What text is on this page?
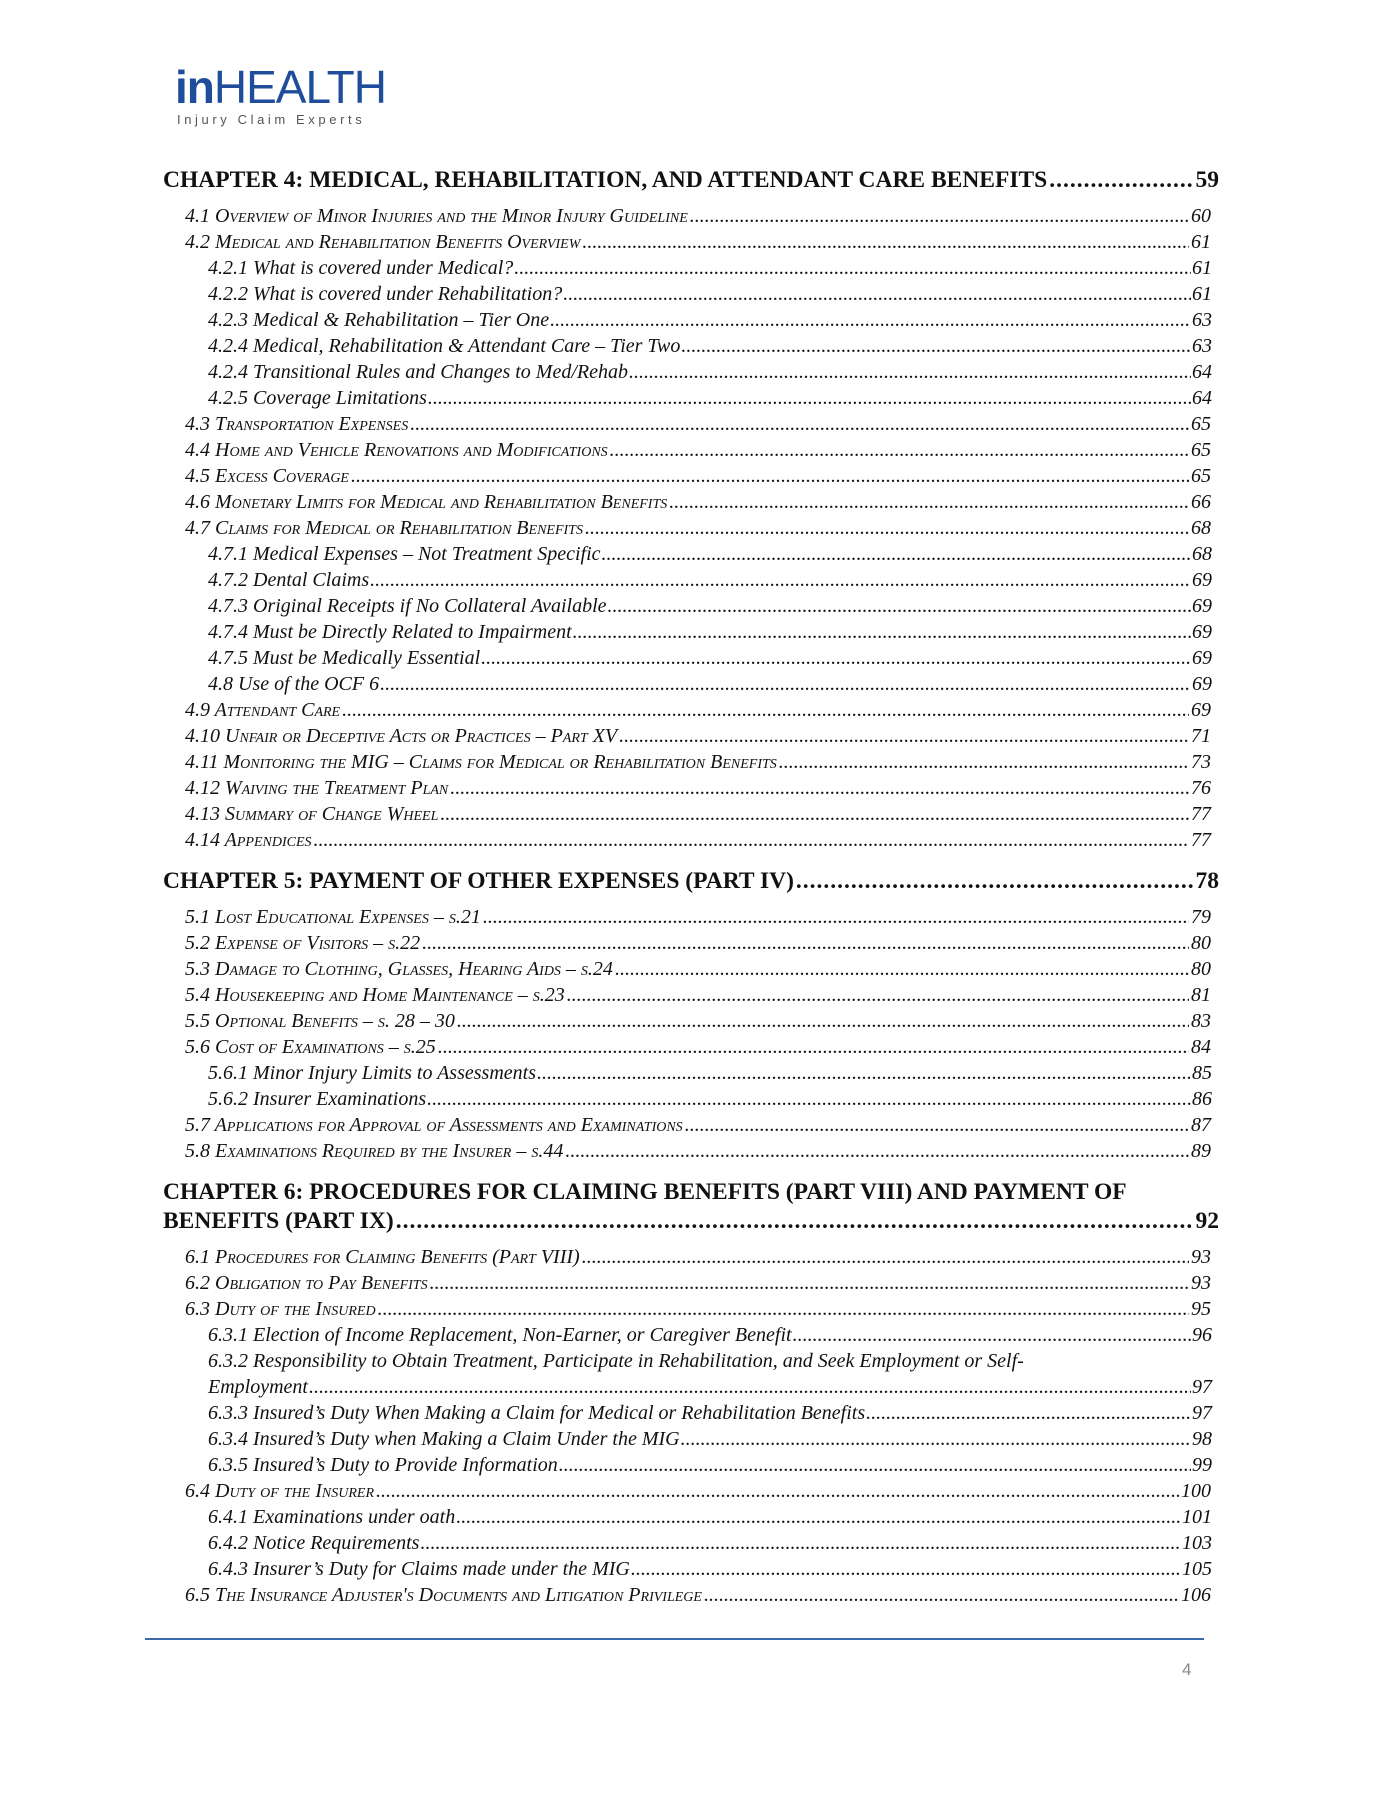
inHEALTH
Injury Claim Experts
CHAPTER 4: MEDICAL, REHABILITATION, AND ATTENDANT CARE BENEFITS .....	59
4.1 Overview of Minor Injuries and the Minor Injury Guideline .....	60
4.2 Medical and Rehabilitation Benefits Overview .....	61
4.2.1 What is covered under Medical? .....	61
4.2.2 What is covered under Rehabilitation? .....	61
4.2.3 Medical & Rehabilitation – Tier One .....	63
4.2.4 Medical, Rehabilitation & Attendant Care – Tier Two .....	63
4.2.4 Transitional Rules and Changes to Med/Rehab .....	64
4.2.5 Coverage Limitations .....	64
4.3 Transportation Expenses .....	65
4.4 Home and Vehicle Renovations and Modifications .....	65
4.5 Excess Coverage .....	65
4.6 Monetary Limits for Medical and Rehabilitation Benefits .....	66
4.7 Claims for Medical or Rehabilitation Benefits .....	68
4.7.1 Medical Expenses – Not Treatment Specific .....	68
4.7.2 Dental Claims .....	69
4.7.3 Original Receipts if No Collateral Available .....	69
4.7.4 Must be Directly Related to Impairment .....	69
4.7.5 Must be Medically Essential .....	69
4.8 Use of the OCF 6 .....	69
4.9 Attendant Care .....	69
4.10 Unfair or Deceptive Acts or Practices – Part XV .....	71
4.11 Monitoring the MIG – Claims for Medical or Rehabilitation Benefits .....	73
4.12 Waiving the Treatment Plan .....	76
4.13 Summary of Change Wheel .....	77
4.14 Appendices .....	77
CHAPTER 5: PAYMENT OF OTHER EXPENSES (PART IV) .....	78
5.1 Lost Educational Expenses – s.21 .....	79
5.2 Expense of Visitors – s.22 .....	80
5.3 Damage to Clothing, Glasses, Hearing Aids – s.24 .....	80
5.4 Housekeeping and Home Maintenance – s.23 .....	81
5.5 Optional Benefits – s. 28 – 30 .....	83
5.6 Cost of Examinations – s.25 .....	84
5.6.1 Minor Injury Limits to Assessments .....	85
5.6.2 Insurer Examinations .....	86
5.7 Applications for Approval of Assessments and Examinations .....	87
5.8 Examinations Required by the Insurer – s.44 .....	89
CHAPTER 6: PROCEDURES FOR CLAIMING BENEFITS (PART VIII) AND PAYMENT OF
BENEFITS (PART IX) .....	92
6.1 Procedures for Claiming Benefits (Part VIII) .....	93
6.2 Obligation to Pay Benefits .....	93
6.3 Duty of the Insured .....	95
6.3.1 Election of Income Replacement, Non-Earner, or Caregiver Benefit .....	96
6.3.2 Responsibility to Obtain Treatment, Participate in Rehabilitation, and Seek Employment or Self-
Employment .....	97
6.3.3 Insured’s Duty When Making a Claim for Medical or Rehabilitation Benefits .....	97
6.3.4 Insured’s Duty when Making a Claim Under the MIG .....	98
6.3.5 Insured’s Duty to Provide Information .....	99
6.4 Duty of the Insurer .....	100
6.4.1 Examinations under oath .....	101
6.4.2 Notice Requirements .....	103
6.4.3 Insurer’s Duty for Claims made under the MIG .....	105
6.5 The Insurance Adjuster's Documents and Litigation Privilege .....	106
4
